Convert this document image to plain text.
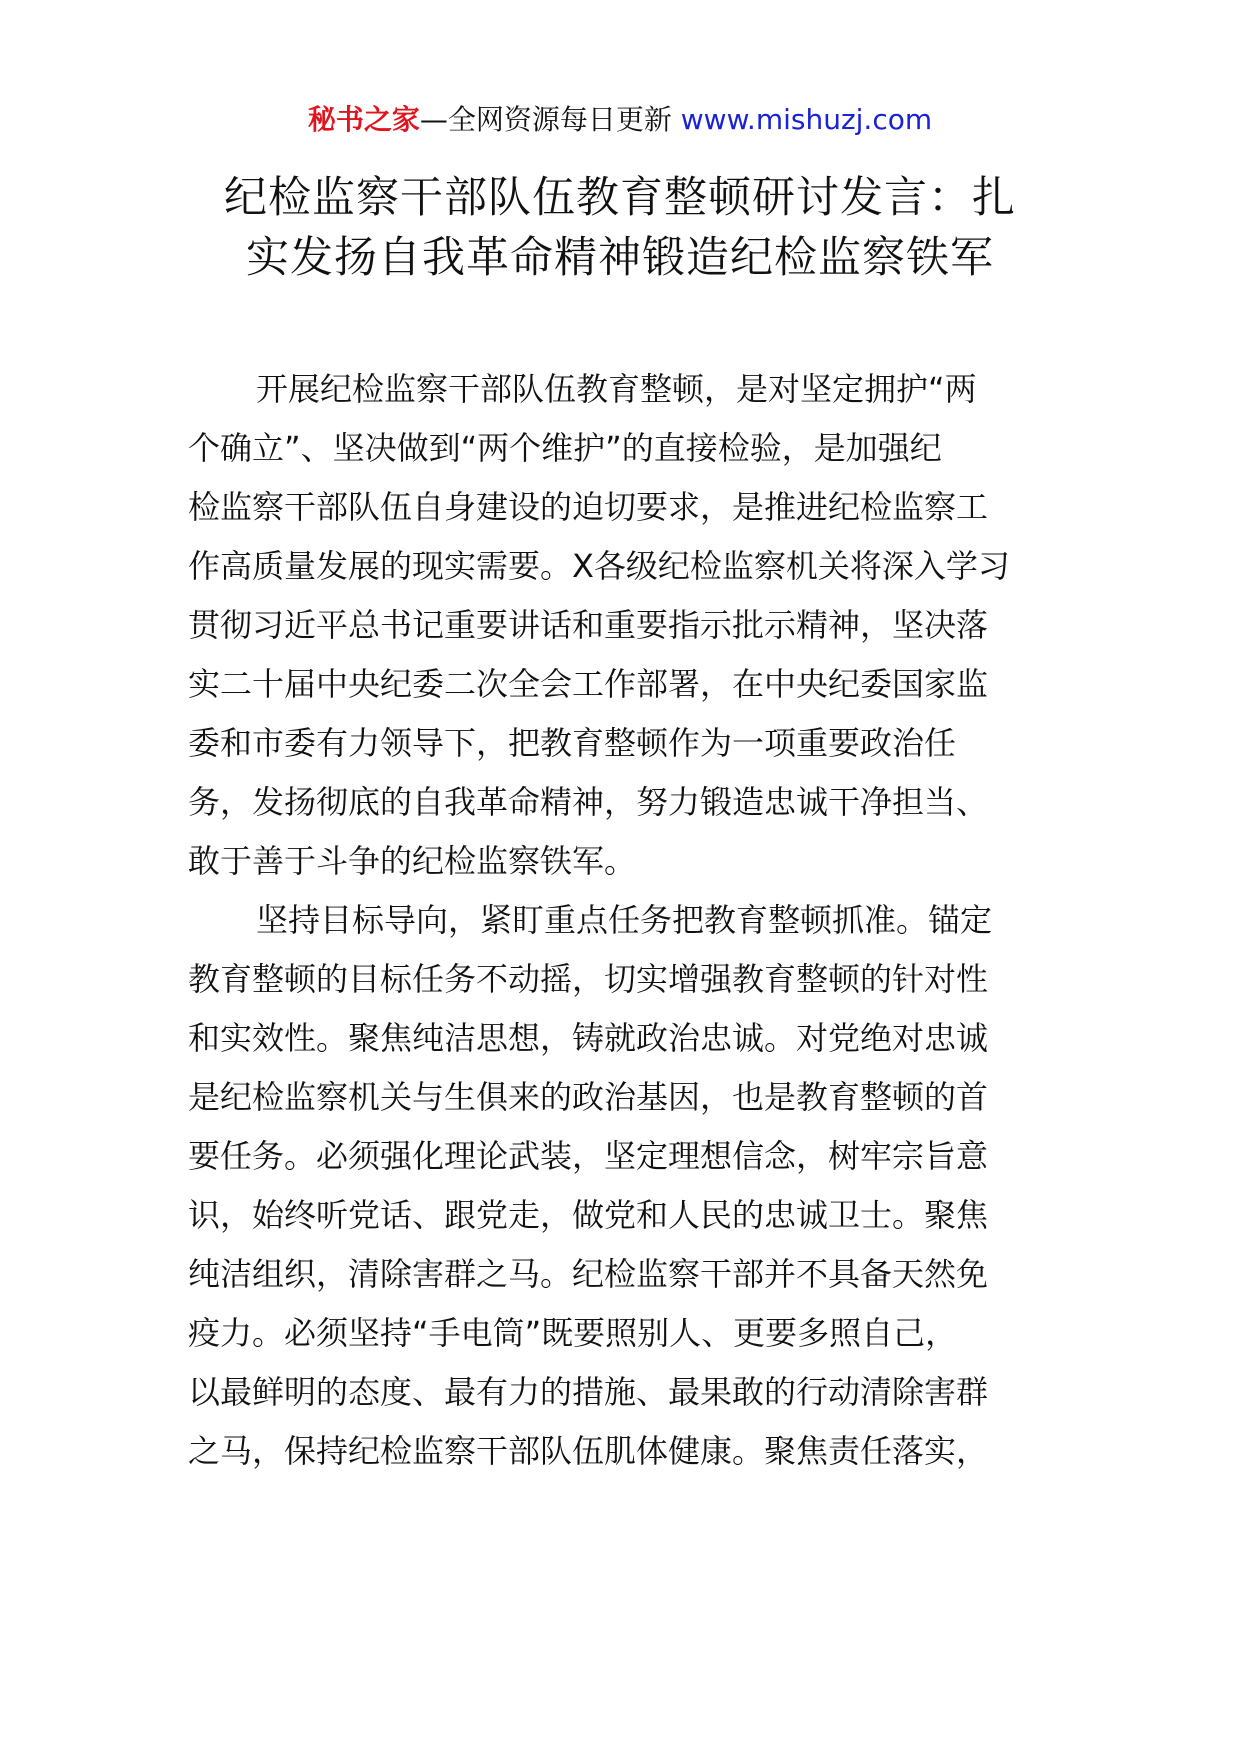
秘书之家—全网资源每日更新 www.mishuzj.com
纪检监察干部队伍教育整顿研讨发言：扎
实发扬自我革命精神锻造纪检监察铁军
开展纪检监察干部队伍教育整顿，是对坚定拥护“两
个确立”、坚决做到“两个维护”的直接检验，是加强纪
检监察干部队伍自身建设的迫切要求，是推进纪检监察工
作高质量发展的现实需要。X各级纪检监察机关将深入学习
贯彻习近平总书记重要讲话和重要指示批示精神，坚决落
实二十届中央纪委二次全会工作部署，在中央纪委国家监
委和市委有力领导下，把教育整顿作为一项重要政治任
务，发扬彻底的自我革命精神，努力锻造忠诚干净担当、
敢于善于斗争的纪检监察铁军。
坚持目标导向，紧盯重点任务把教育整顿抓准。锚定
教育整顿的目标任务不动摇，切实增强教育整顿的针对性
和实效性。聚焦纯洁思想，铸就政治忠诚。对党绝对忠诚
是纪检监察机关与生俱来的政治基因，也是教育整顿的首
要任务。必须强化理论武装，坚定理想信念，树牢宗旨意
识，始终听党话、跟党走，做党和人民的忠诚卫士。聚焦
纯洁组织，清除害群之马。纪检监察干部并不具备天然免
疫力。必须坚持“手电筒”既要照别人、更要多照自己，
以最鲜明的态度、最有力的措施、最果敢的行动清除害群
之马，保持纪检监察干部队伍肌体健康。聚焦责任落实，
